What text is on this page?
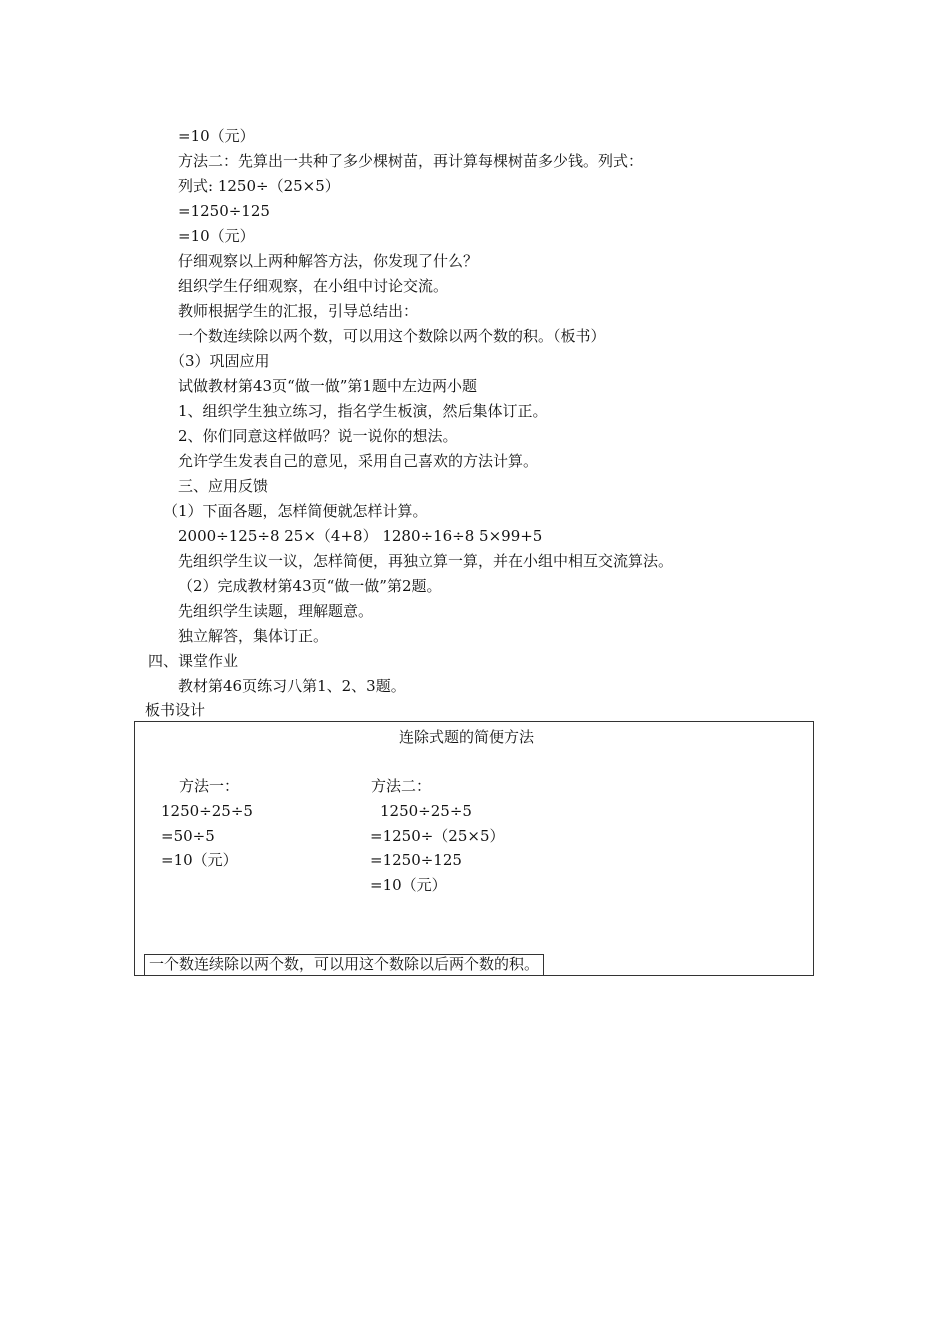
=10（元）
方法二：先算出一共种了多少棵树苗，再计算每棵树苗多少钱。列式：
列式: 1250÷（25×5）
=1250÷125
=10（元）
仔细观察以上两种解答方法，你发现了什么？
组织学生仔细观察，在小组中讨论交流。
教师根据学生的汇报，引导总结出：
一个数连续除以两个数，可以用这个数除以两个数的积。（板书）
（3）巩固应用
试做教材第43页“做一做”第1题中左边两小题
1、组织学生独立练习，指名学生板演，然后集体订正。
2、你们同意这样做吗？说一说你的想法。
允许学生发表自己的意见，采用自己喜欢的方法计算。
三、应用反馈
（1）下面各题，怎样简便就怎样计算。
2000÷125÷8 25×（4+8） 1280÷16÷8 5×99+5
先组织学生议一议，怎样简便，再独立算一算，并在小组中相互交流算法。
（2）完成教材第43页“做一做”第2题。
先组织学生读题，理解题意。
独立解答，集体订正。
四、课堂作业
教材第46页练习八第1、2、3题。
板书设计
连除式题的简便方法
方法一：
1250÷25÷5
=50÷5
=10（元）
方法二：
1250÷25÷5
=1250÷（25×5）
=1250÷125
=10（元）
一个数连续除以两个数，可以用这个数除以后两个数的积。
